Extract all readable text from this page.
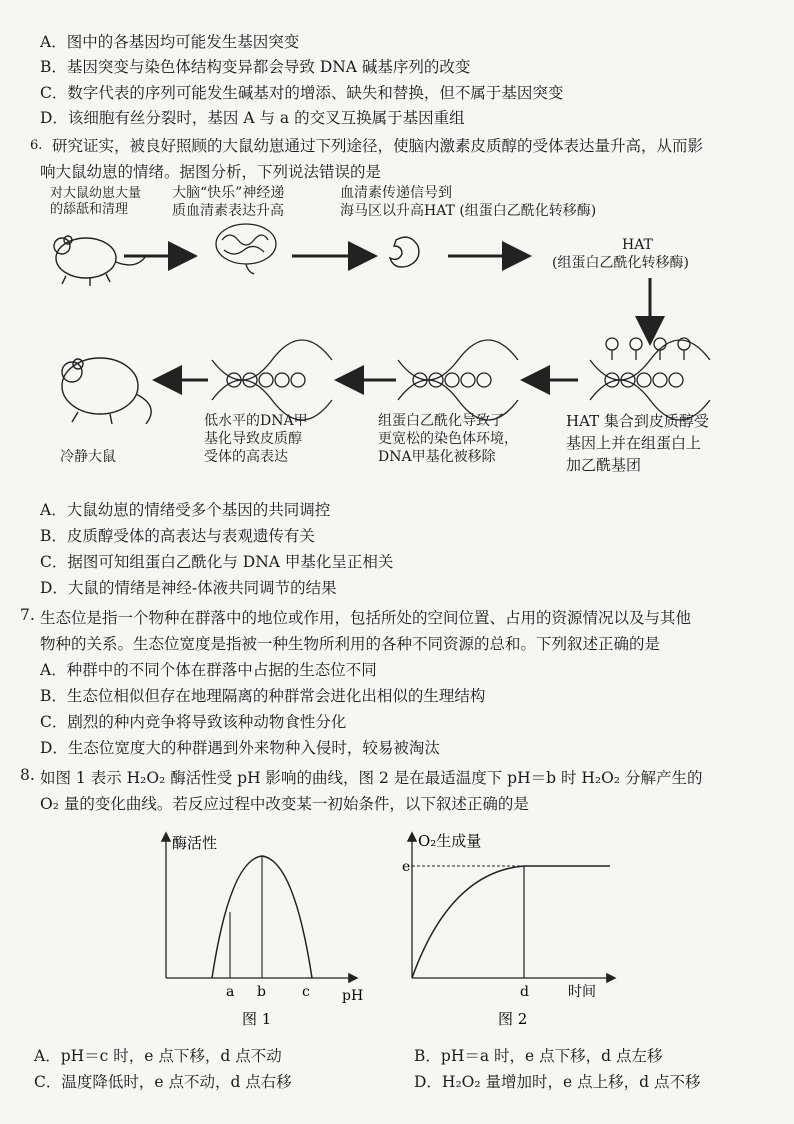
A．图中的各基因均可能发生基因突变
B．基因突变与染色体结构变异都会导致 DNA 碱基序列的改变
C．数字代表的序列可能发生碱基对的增添、缺失和替换，但不属于基因突变
D．该细胞有丝分裂时，基因 A 与 a 的交叉互换属于基因重组
6. 研究证实，被良好照顾的大鼠幼崽通过下列途径，使脑内激素皮质醇的受体表达量升高，从而影
响大鼠幼崽的情绪。据图分析，下列说法错误的是
对大鼠幼崽大量
的舔舐和清理
大脑“快乐”神经递
质血清素表达升高
血清素传递信号到
海马区以升高HAT (组蛋白乙酰化转移酶)
HAT
(组蛋白乙酰化转移酶)
冷静大鼠
低水平的DNA甲
基化导致皮质醇
受体的高表达
组蛋白乙酰化导致了
更宽松的染色体环境，
DNA甲基化被移除
HAT 集合到皮质醇受
基因上并在组蛋白上
加乙酰基团
A．大鼠幼崽的情绪受多个基因的共同调控
B．皮质醇受体的高表达与表观遗传有关
C．据图可知组蛋白乙酰化与 DNA 甲基化呈正相关
D．大鼠的情绪是神经-体液共同调节的结果
7. 生态位是指一个物种在群落中的地位或作用，包括所处的空间位置、占用的资源情况以及与其他
物种的关系。生态位宽度是指被一种生物所利用的各种不同资源的总和。下列叙述正确的是
A．种群中的不同个体在群落中占据的生态位不同
B．生态位相似但存在地理隔离的种群常会进化出相似的生理结构
C．剧烈的种内竞争将导致该种动物食性分化
D．生态位宽度大的种群遇到外来物种入侵时，较易被淘汰
8. 如图 1 表示 H₂O₂ 酶活性受 pH 影响的曲线，图 2 是在最适温度下 pH＝b 时 H₂O₂ 分解产生的
O₂ 量的变化曲线。若反应过程中改变某一初始条件，以下叙述正确的是
a b	c pH
酶活性
图 1
e
d	时间
O₂生成量
图 2
A．pH＝c 时，e 点下移，d 点不动	B．pH＝a 时，e 点下移，d 点左移
C．温度降低时，e 点不动，d 点右移	D．H₂O₂ 量增加时，e 点上移，d 点不移
